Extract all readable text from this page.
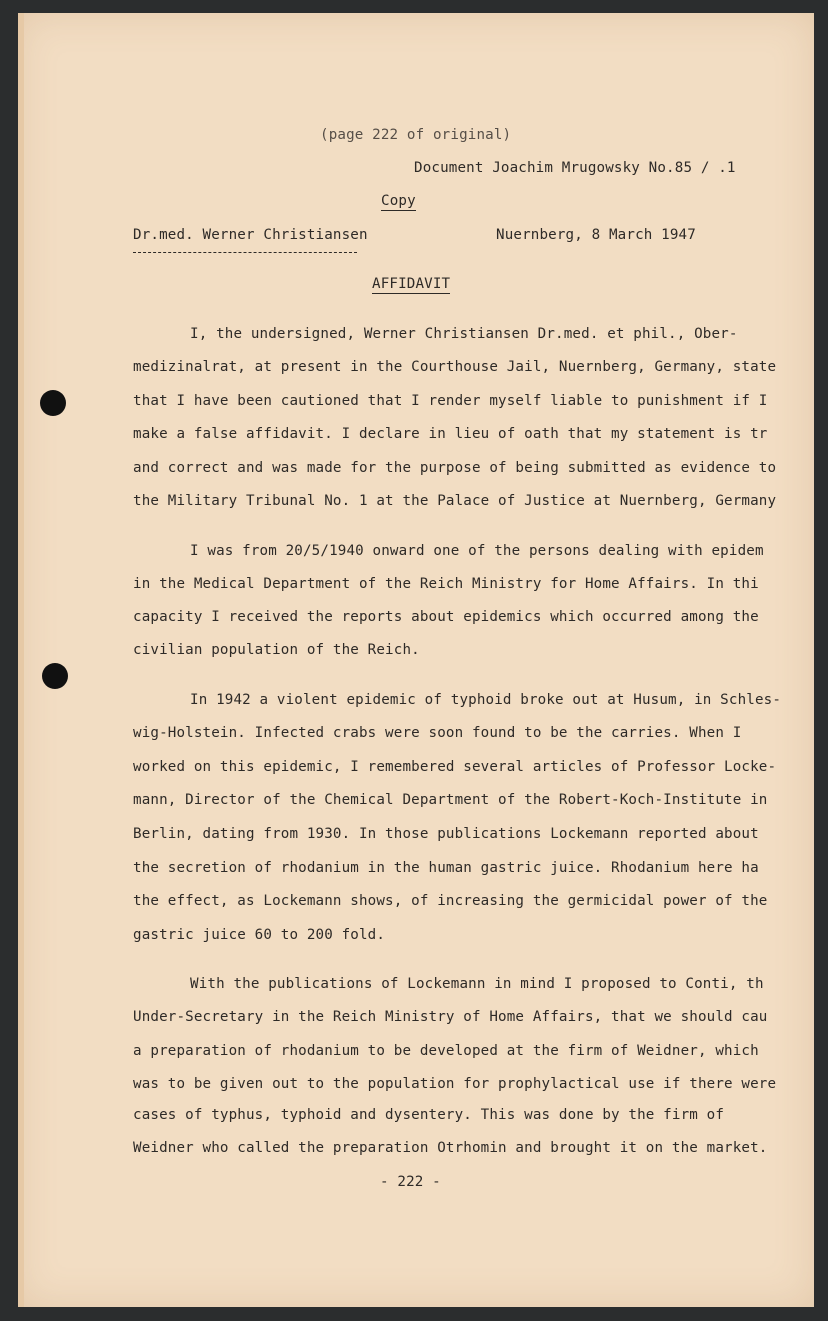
(page 222 of original)
Document Joachim Mrugowsky No.85 / .1
Copy
Dr.med. Werner Christiansen	Nuernberg, 8 March 1947
AFFIDAVIT
I, the undersigned, Werner Christiansen Dr.med. et phil., Ober-
medizinalrat, at present in the Courthouse Jail, Nuernberg, Germany, state
that I have been cautioned that I render myself liable to punishment if I
make a false affidavit. I declare in lieu of oath that my statement is tr
and correct and was made for the purpose of being submitted as evidence to
the Military Tribunal No. 1 at the Palace of Justice at Nuernberg, Germany
I was from 20/5/1940 onward one of the persons dealing with epidem
in the Medical Department of the Reich Ministry for Home Affairs. In thi
capacity I received the reports about epidemics which occurred among the
civilian population of the Reich.
In 1942 a violent epidemic of typhoid broke out at Husum, in Schles-
wig-Holstein. Infected crabs were soon found to be the carries. When I
worked on this epidemic, I remembered several articles of Professor Locke-
mann, Director of the Chemical Department of the Robert-Koch-Institute in
Berlin, dating from 1930. In those publications Lockemann reported about
the secretion of rhodanium in the human gastric juice. Rhodanium here ha
the effect, as Lockemann shows, of increasing the germicidal power of the
gastric juice 60 to 200 fold.
With the publications of Lockemann in mind I proposed to Conti, th
Under-Secretary in the Reich Ministry of Home Affairs, that we should cau
a preparation of rhodanium to be developed at the firm of Weidner, which
was to be given out to the population for prophylactical use if there were
cases of typhus, typhoid and dysentery. This was done by the firm of
Weidner who called the preparation Otrhomin and brought it on the market.
- 222 -
